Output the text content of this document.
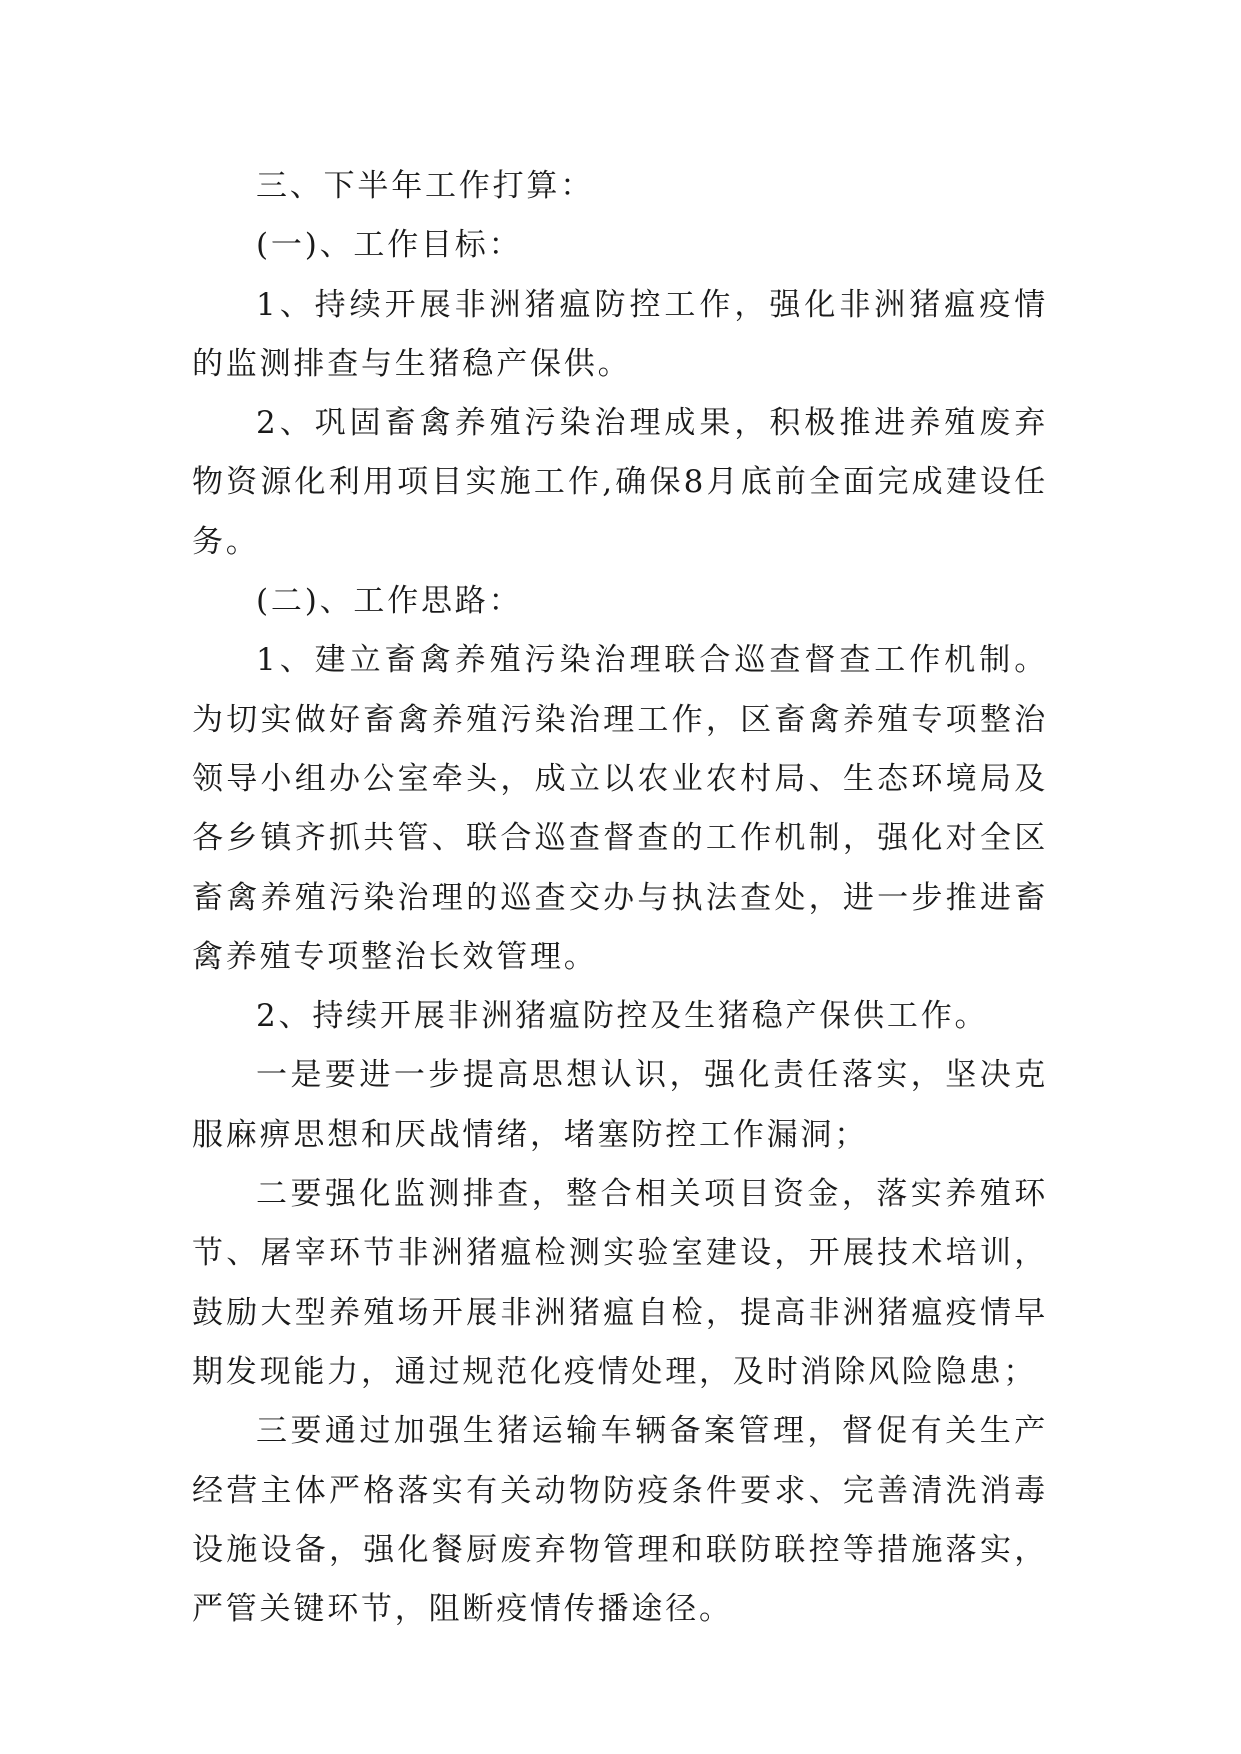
三、下半年工作打算：

(一)、工作目标：

1、持续开展非洲猪瘟防控工作，强化非洲猪瘟疫情的监测排查与生猪稳产保供。

2、巩固畜禽养殖污染治理成果，积极推进养殖废弃物资源化利用项目实施工作,确保8月底前全面完成建设任务。

(二)、工作思路：

1、建立畜禽养殖污染治理联合巡查督查工作机制。为切实做好畜禽养殖污染治理工作，区畜禽养殖专项整治领导小组办公室牵头，成立以农业农村局、生态环境局及各乡镇齐抓共管、联合巡查督查的工作机制，强化对全区畜禽养殖污染治理的巡查交办与执法查处，进一步推进畜禽养殖专项整治长效管理。

2、持续开展非洲猪瘟防控及生猪稳产保供工作。

一是要进一步提高思想认识，强化责任落实，坚决克服麻痹思想和厌战情绪，堵塞防控工作漏洞；

二要强化监测排查，整合相关项目资金，落实养殖环节、屠宰环节非洲猪瘟检测实验室建设，开展技术培训，鼓励大型养殖场开展非洲猪瘟自检，提高非洲猪瘟疫情早期发现能力，通过规范化疫情处理，及时消除风险隐患；

三要通过加强生猪运输车辆备案管理，督促有关生产经营主体严格落实有关动物防疫条件要求、完善清洗消毒设施设备，强化餐厨废弃物管理和联防联控等措施落实，严管关键环节，阻断疫情传播途径。
